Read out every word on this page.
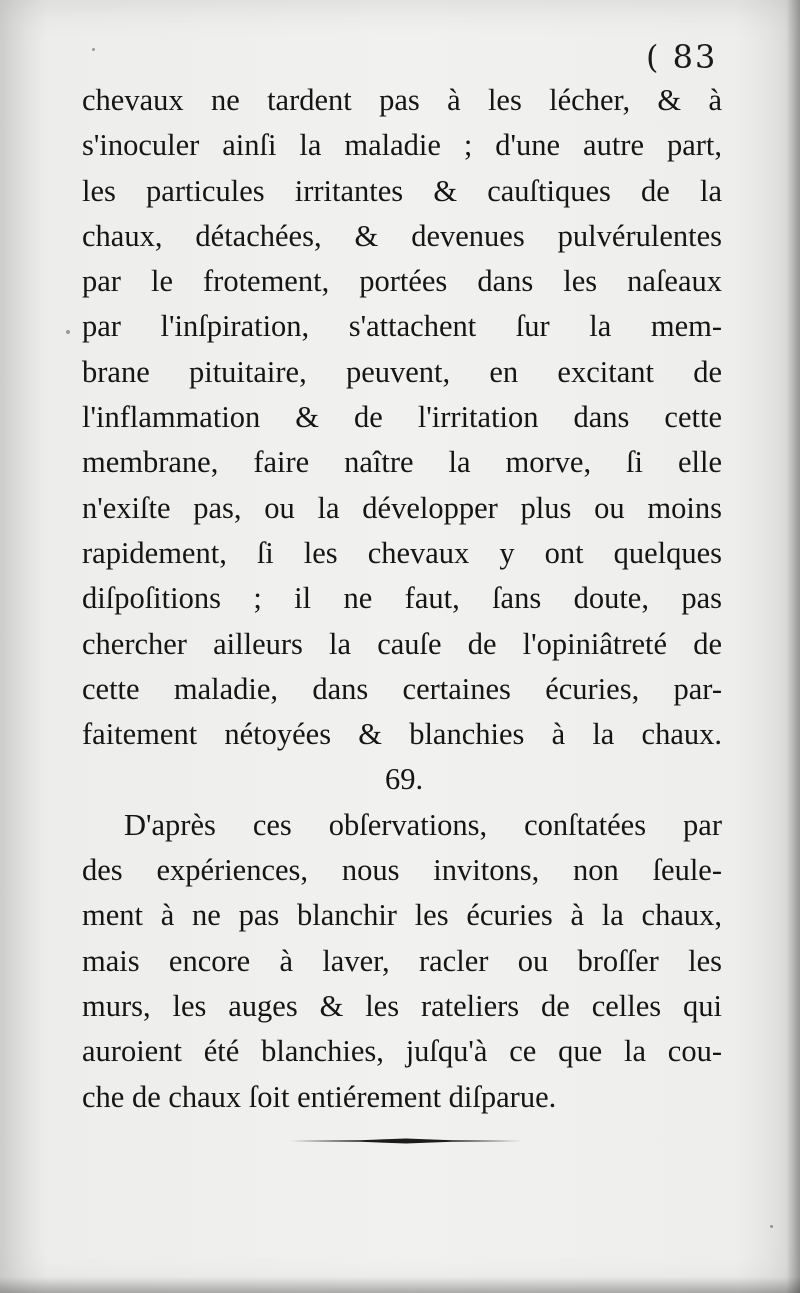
( 83
chevaux ne tardent pas à les lécher, & à
s'inoculer ainſi la maladie ; d'une autre part,
les particules irritantes & cauſtiques de la
chaux, détachées, & devenues pulvérulentes
par le frotement, portées dans les naſeaux
par l'inſpiration, s'attachent ſur la mem-
brane pituitaire, peuvent, en excitant de
l'inflammation & de l'irritation dans cette
membrane, faire naître la morve, ſi elle
n'exiſte pas, ou la développer plus ou moins
rapidement, ſi les chevaux y ont quelques
diſpoſitions ; il ne faut, ſans doute, pas
chercher ailleurs la cauſe de l'opiniâtreté de
cette maladie, dans certaines écuries, par-
faitement nétoyées & blanchies à la chaux.
69.
D'après ces obſervations, conſtatées par
des expériences, nous invitons, non ſeule-
ment à ne pas blanchir les écuries à la chaux,
mais encore à laver, racler ou broſſer les
murs, les auges & les rateliers de celles qui
auroient été blanchies, juſqu'à ce que la cou-
che de chaux ſoit entiérement diſparue.
